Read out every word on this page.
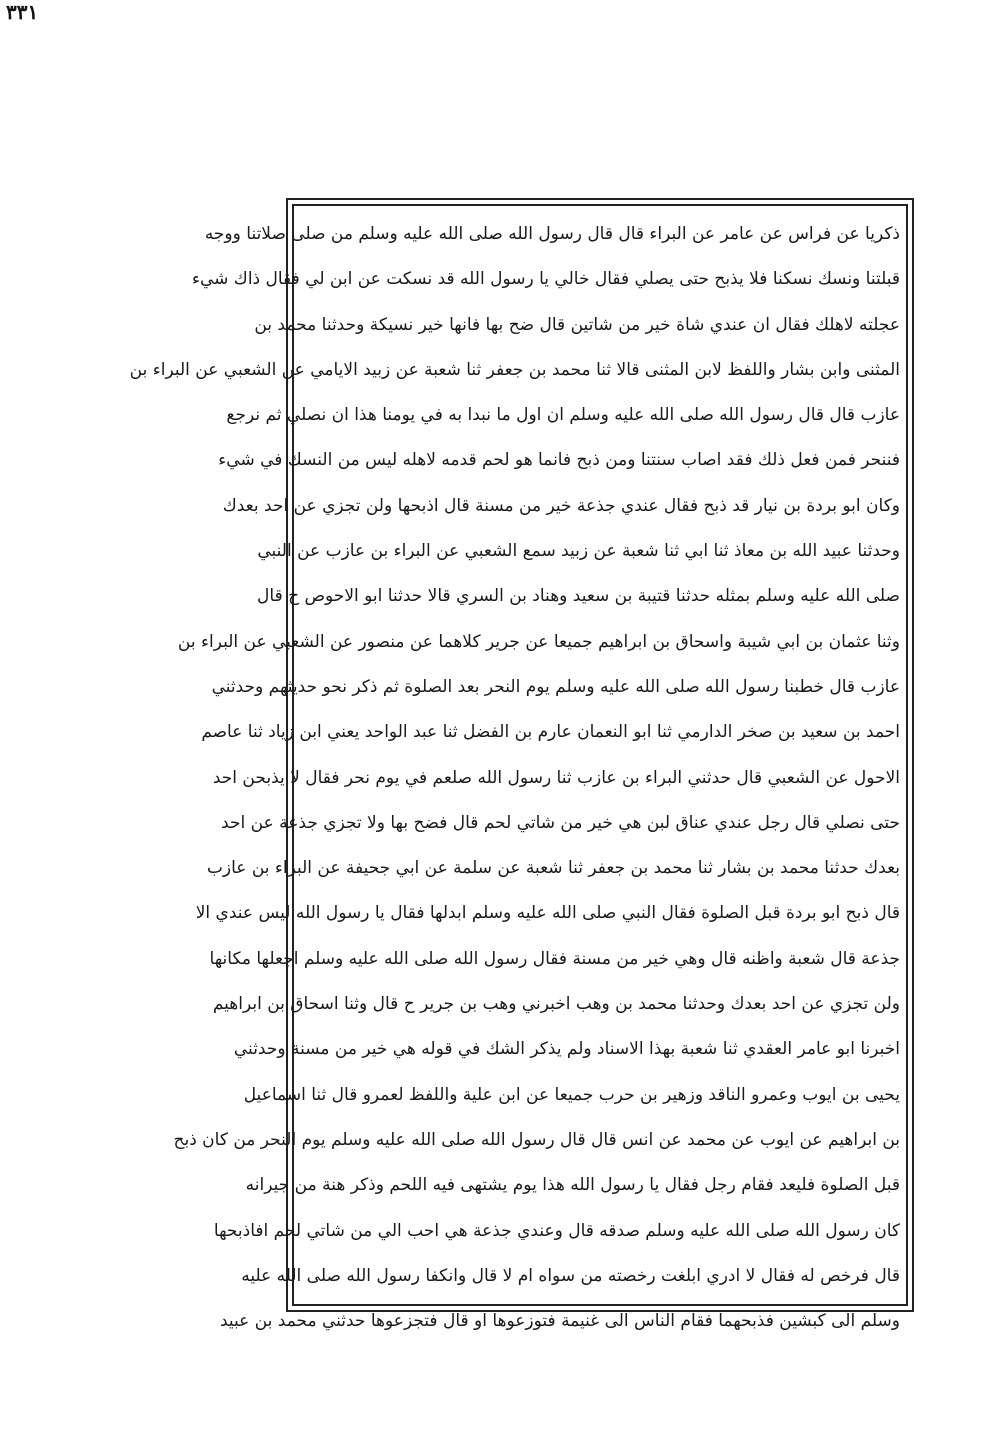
٣٣١
ذكريا عن فراس عن عامر عن البراء قال قال رسول الله صلى الله عليه وسلم من صلى صلاتنا ووجه
قبلتنا ونسك نسكنا فلا يذبح حتى يصلي فقال خالي يا رسول الله قد نسكت عن ابن لي فقال ذاك شيء
عجلته لاهلك فقال ان عندي شاة خير من شاتين قال ضح بها فانها خير نسيكة وحدثنا محمد بن
المثنى وابن بشار واللفظ لابن المثنى قالا ثنا محمد بن جعفر ثنا شعبة عن زبيد الايامي عن الشعبي عن البراء بن
عازب قال قال رسول الله صلى الله عليه وسلم ان اول ما نبدا به في يومنا هذا ان نصلي ثم نرجع
فننحر فمن فعل ذلك فقد اصاب سنتنا ومن ذبح فانما هو لحم قدمه لاهله ليس من النسك في شيء
وكان ابو بردة بن نيار قد ذبح فقال عندي جذعة خير من مسنة قال اذبحها ولن تجزي عن احد بعدك
وحدثنا عبيد الله بن معاذ ثنا ابي ثنا شعبة عن زبيد سمع الشعبي عن البراء بن عازب عن النبي
صلى الله عليه وسلم بمثله حدثنا قتيبة بن سعيد وهناد بن السري قالا حدثنا ابو الاحوص ح قال
وثنا عثمان بن ابي شيبة واسحاق بن ابراهيم جميعا عن جرير كلاهما عن منصور عن الشعبي عن البراء بن
عازب قال خطبنا رسول الله صلى الله عليه وسلم يوم النحر بعد الصلوة ثم ذكر نحو حديثهم وحدثني
احمد بن سعيد بن صخر الدارمي ثنا ابو النعمان عارم بن الفضل ثنا عبد الواحد يعني ابن زياد ثنا عاصم
الاحول عن الشعبي قال حدثني البراء بن عازب ثنا رسول الله صلعم في يوم نحر فقال لا يذبحن احد
حتى نصلي قال رجل عندي عناق لبن هي خير من شاتي لحم قال فضح بها ولا تجزي جذعة عن احد
بعدك حدثنا محمد بن بشار ثنا محمد بن جعفر ثنا شعبة عن سلمة عن ابي جحيفة عن البراء بن عازب
قال ذبح ابو بردة قبل الصلوة فقال النبي صلى الله عليه وسلم ابدلها فقال يا رسول الله ليس عندي الا
جذعة قال شعبة واظنه قال وهي خير من مسنة فقال رسول الله صلى الله عليه وسلم اجعلها مكانها
ولن تجزي عن احد بعدك وحدثنا محمد بن وهب اخبرني وهب بن جرير ح قال وثنا اسحاق بن ابراهيم
اخبرنا ابو عامر العقدي ثنا شعبة بهذا الاسناد ولم يذكر الشك في قوله هي خير من مسنة وحدثني
يحيى بن ايوب وعمرو الناقد وزهير بن حرب جميعا عن ابن علية واللفظ لعمرو قال ثنا اسماعيل
بن ابراهيم عن ايوب عن محمد عن انس قال قال رسول الله صلى الله عليه وسلم يوم النحر من كان ذبح
قبل الصلوة فليعد فقام رجل فقال يا رسول الله هذا يوم يشتهى فيه اللحم وذكر هنة من جيرانه
كان رسول الله صلى الله عليه وسلم صدقه قال وعندي جذعة هي احب الي من شاتي لحم افاذبحها
قال فرخص له فقال لا ادري ابلغت رخصته من سواه ام لا قال وانكفا رسول الله صلى الله عليه
وسلم الى كبشين فذبحهما فقام الناس الى غنيمة فتوزعوها او قال فتجزعوها حدثني محمد بن عبيد
